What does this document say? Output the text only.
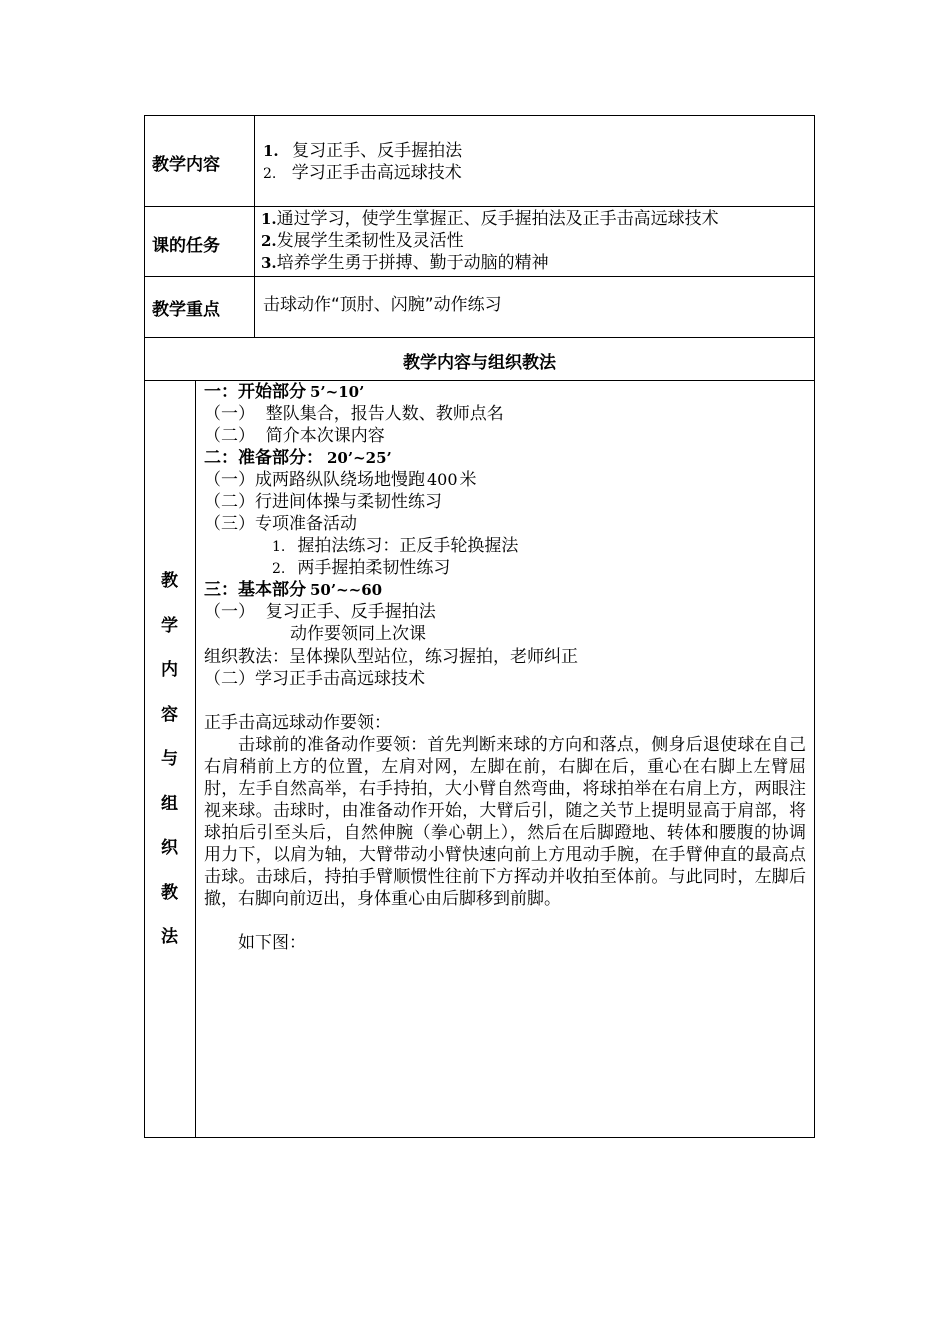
教学内容
1. 复习正手、反手握拍法
2. 学习正手击高远球技术
课的任务
1.通过学习，使学生掌握正、反手握拍法及正手击高远球技术
2.发展学生柔韧性及灵活性
3.培养学生勇于拼搏、勤于动脑的精神
教学重点	击球动作“顶肘、闪腕”动作练习
教学内容与组织教法
教
学
内
容
与
组
织
教
法
一：开始部分 5’~10’
（一）  整队集合，报告人数、教师点名
（二）  简介本次课内容
二：准备部分： 20’~25’
（一）成两路纵队绕场地慢跑 400 米
（二）行进间体操与柔韧性练习
（三）专项准备活动
1. 握拍法练习：正反手轮换握法
2. 两手握拍柔韧性练习
三：基本部分 50’~~60
（一）  复习正手、反手握拍法
动作要领同上次课
组织教法：呈体操队型站位，练习握拍，老师纠正
（二）学习正手击高远球技术
正手击高远球动作要领：
击球前的准备动作要领：首先判断来球的方向和落点，侧身后退使球在自己右肩稍前上方的位置，左肩对网，左脚在前，右脚在后，重心在右脚上左臂屈肘，左手自然高举，右手持拍，大小臂自然弯曲，将球拍举在右肩上方，两眼注视来球。击球时，由准备动作开始，大臂后引，随之关节上提明显高于肩部，将球拍后引至头后，自然伸腕（拳心朝上），然后在后脚蹬地、转体和腰腹的协调用力下，以肩为轴，大臂带动小臂快速向前上方甩动手腕，在手臂伸直的最高点击球。击球后，持拍手臂顺惯性往前下方挥动并收拍至体前。与此同时，左脚后撤，右脚向前迈出，身体重心由后脚移到前脚。
如下图：
